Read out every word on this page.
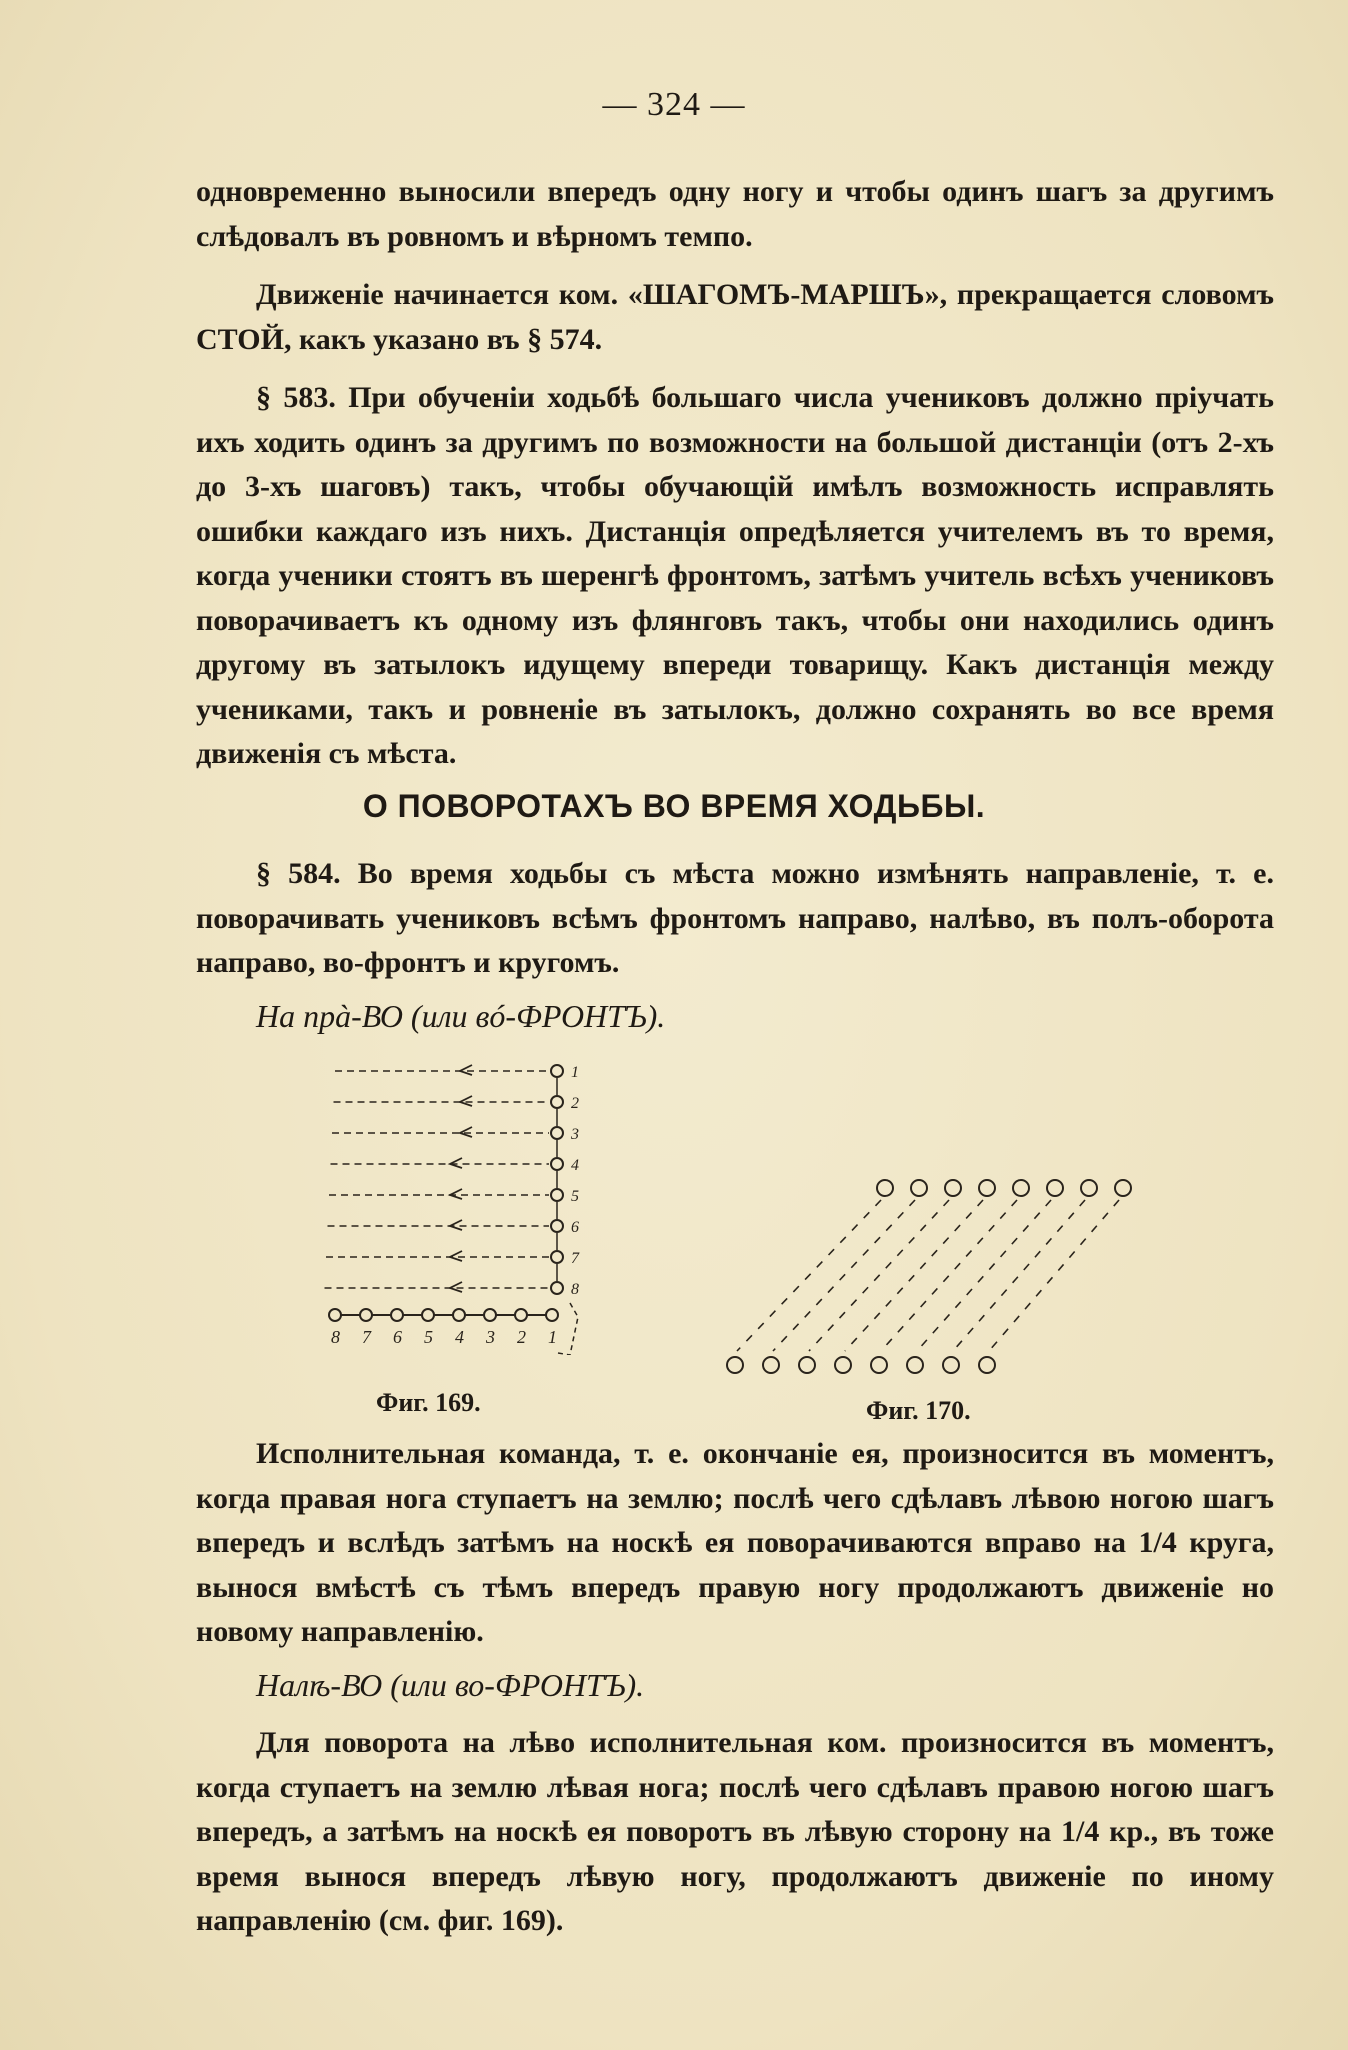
— 324 —

одновременно выносили впередъ одну ногу и чтобы одинъ шагъ за другимъ слѣдовалъ въ ровномъ и вѣрномъ темпо.

Движеніе начинается ком. «ШАГОМЪ-МАРШЪ», прекращается словомъ СТОЙ, какъ указано въ § 574.

§ 583. При обученіи ходьбѣ большаго числа учениковъ должно пріучать ихъ ходить одинъ за другимъ по возможности на большой дистанціи (отъ 2-хъ до 3-хъ шаговъ) такъ, чтобы обучающій имѣлъ возможность исправлять ошибки каждаго изъ нихъ. Дистанція опредѣляется учителемъ въ то время, когда ученики стоятъ въ шеренгѣ фронтомъ, затѣмъ учитель всѣхъ учениковъ поворачиваетъ къ одному изъ флянговъ такъ, чтобы они находились одинъ другому въ затылокъ идущему впереди товарищу. Какъ дистанція между учениками, такъ и ровненіе въ затылокъ, должно сохранять во все время движенія съ мѣста.

О ПОВОРОТАХЪ ВО ВРЕМЯ ХОДЬБЫ.

§ 584. Во время ходьбы съ мѣста можно измѣнять направленіе, т. е. поворачивать учениковъ всѣмъ фронтомъ направо, налѣво, въ полъ-оборота направо, во-фронтъ и кругомъ.

На прà-ВО (или вó-ФРОНТЪ).

1
2
3
4
5
6
7
8
8 7 6 5 4 3 2 1
Фиг. 169.	Фиг. 170.

Исполнительная команда, т. е. окончаніе ея, произносится въ моментъ, когда правая нога ступаетъ на землю; послѣ чего сдѣлавъ лѣвою ногою шагъ впередъ и вслѣдъ затѣмъ на носкѣ ея поворачиваются вправо на 1/4 круга, вынося вмѣстѣ съ тѣмъ впередъ правую ногу продолжаютъ движеніе но новому направленію.

Налѣ-ВО (или во-ФРОНТЪ).

Для поворота на лѣво исполнительная ком. произносится въ моментъ, когда ступаетъ на землю лѣвая нога; послѣ чего сдѣлавъ правою ногою шагъ впередъ, а затѣмъ на носкѣ ея поворотъ въ лѣвую сторону на 1/4 кр., въ тоже время вынося впередъ лѣвую ногу, продолжаютъ движеніе по иному направленію (см. фиг. 169).
